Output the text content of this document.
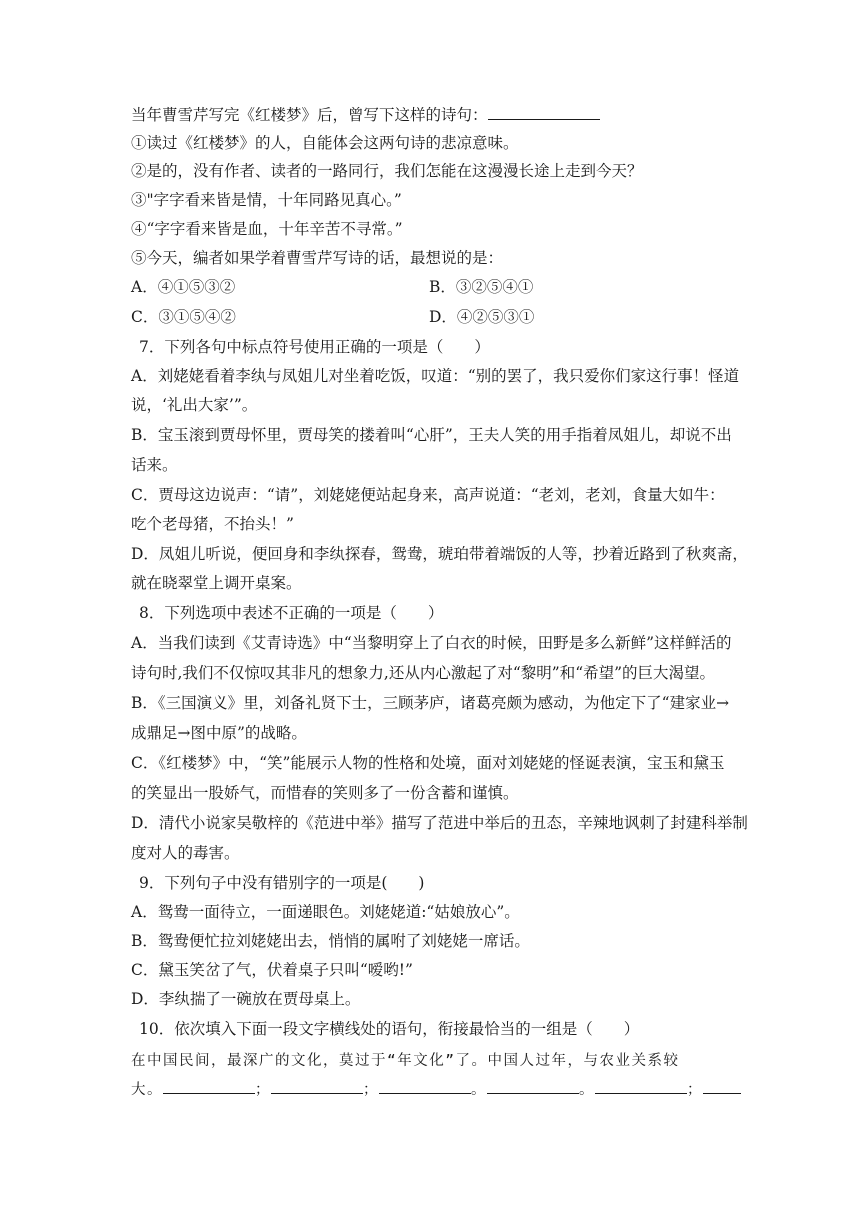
当年曹雪芹写完《红楼梦》后，曾写下这样的诗句：
①读过《红楼梦》的人，自能体会这两句诗的悲凉意味。
②是的，没有作者、读者的一路同行，我们怎能在这漫漫长途上走到今天？
③"字字看来皆是情，十年同路见真心。”
④“字字看来皆是血，十年辛苦不寻常。”
⑤今天，编者如果学着曹雪芹写诗的话，最想说的是：
A．④①⑤③②	B．③②⑤④①
C．③①⑤④②	D．④②⑤③①
7．下列各句中标点符号使用正确的一项是（　　）
A．刘姥姥看着李纨与凤姐儿对坐着吃饭，叹道：“别的罢了，我只爱你们家这行事！怪道
说，‘礼出大家’”。
B．宝玉滚到贾母怀里，贾母笑的搂着叫“心肝”，王夫人笑的用手指着凤姐儿，却说不出
话来。
C．贾母这边说声：“请”，刘姥姥便站起身来，高声说道：“老刘，老刘，食量大如牛：
吃个老母猪，不抬头！”
D．凤姐儿听说，便回身和李纨探春，鸳鸯，琥珀带着端饭的人等，抄着近路到了秋爽斋，
就在晓翠堂上调开桌案。
8．下列选项中表述不正确的一项是（　　）
A．当我们读到《艾青诗选》中“当黎明穿上了白衣的时候，田野是多么新鲜”这样鲜活的
诗句时,我们不仅惊叹其非凡的想象力,还从内心激起了对“黎明”和“希望”的巨大渴望。
B．《三国演义》里，刘备礼贤下士，三顾茅庐，诸葛亮颇为感动，为他定下了“建家业→
成鼎足→图中原”的战略。
C．《红楼梦》中，“笑”能展示人物的性格和处境，面对刘姥姥的怪诞表演，宝玉和黛玉
的笑显出一股娇气，而惜春的笑则多了一份含蓄和谨慎。
D．清代小说家吴敬梓的《范进中举》描写了范进中举后的丑态，辛辣地讽刺了封建科举制
度对人的毒害。
9．下列句子中没有错别字的一项是(　　)
A．鸳鸯一面待立，一面递眼色。刘姥姥道:“姑娘放心”。
B．鸳鸯便忙拉刘姥姥出去，悄悄的属咐了刘姥姥一席话。
C．黛玉笑岔了气，伏着桌子只叫“嗳哟!”
D．李纨揣了一碗放在贾母桌上。
10．依次填入下面一段文字横线处的语句，衔接最恰当的一组是（　　）
在中国民间，最深广的文化，莫过于“年文化”了。中国人过年，与农业关系较
大。	；	；	。	。	；
